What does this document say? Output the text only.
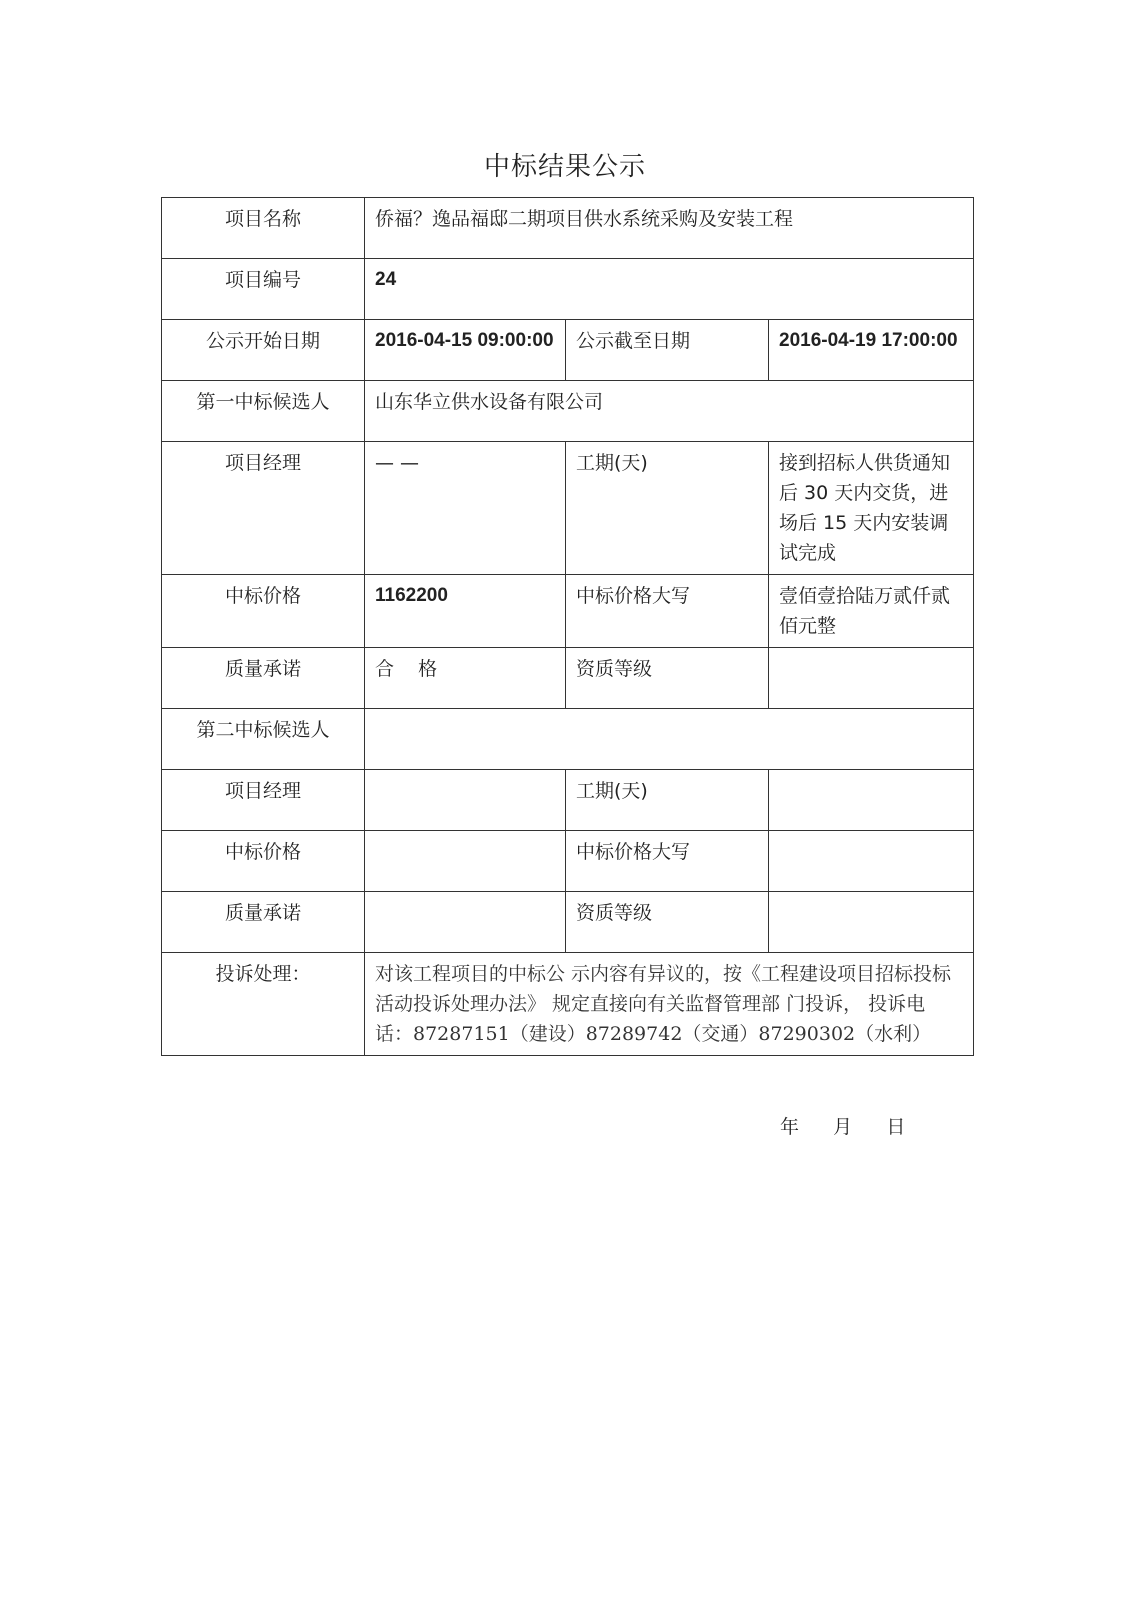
中标结果公示
项目名称	侨福？逸品福邸二期项目供水系统采购及安装工程		
项目编号	24		
公示开始日期	2016-04-15 09:00:00	公示截至日期	2016-04-19 17:00:00
第一中标候选人	山东华立供水设备有限公司		
项目经理	— —	工期(天)	接到招标人供货通知后 30 天内交货，进场后 15 天内安装调试完成
中标价格	1162200	中标价格大写	壹佰壹拾陆万贰仟贰佰元整
质量承诺	合    格	资质等级	
第二中标候选人			
项目经理		工期(天)	
中标价格		中标价格大写	
质量承诺		资质等级	
投诉处理：	对该工程项目的中标公 示内容有异议的，按《工程建设项目招标投标活动投诉处理办法》 规定直接向有关监督管理部 门投诉， 投诉电话：87287151（建设）87289742（交通）87290302（水利）		
年    月    日
